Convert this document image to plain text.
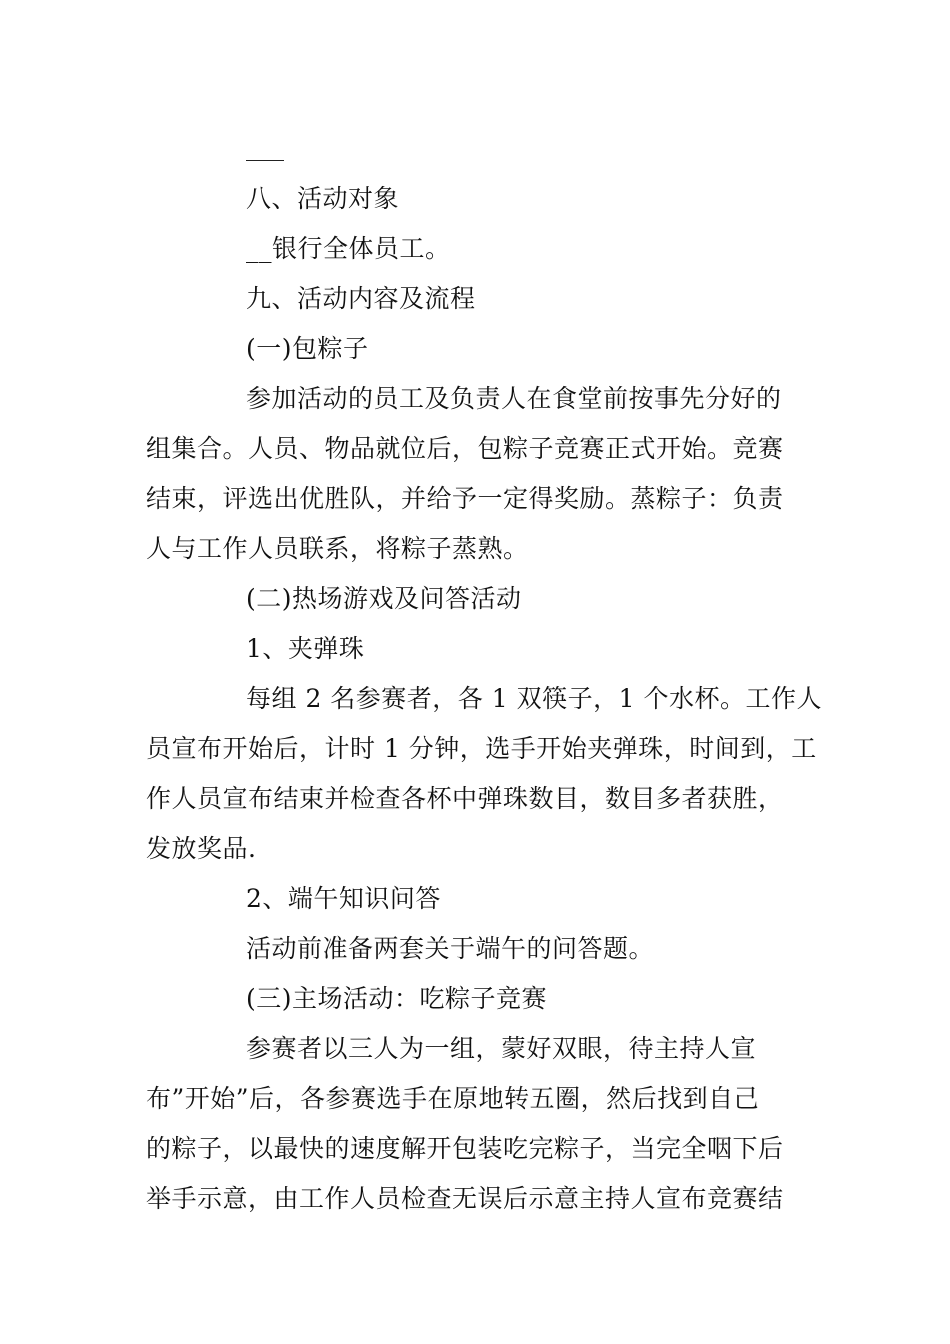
八、活动对象
__银行全体员工。
九、活动内容及流程
(一)包粽子
参加活动的员工及负责人在食堂前按事先分好的
组集合。人员、物品就位后，包粽子竞赛正式开始。竞赛
结束，评选出优胜队，并给予一定得奖励。蒸粽子：负责
人与工作人员联系，将粽子蒸熟。
(二)热场游戏及问答活动
1、夹弹珠
每组 2 名参赛者，各 1 双筷子，1 个水杯。工作人
员宣布开始后，计时 1 分钟，选手开始夹弹珠，时间到，工
作人员宣布结束并检查各杯中弹珠数目，数目多者获胜，
发放奖品.
2、端午知识问答
活动前准备两套关于端午的问答题。
(三)主场活动：吃粽子竞赛
参赛者以三人为一组，蒙好双眼，待主持人宣
布”开始”后，各参赛选手在原地转五圈，然后找到自己
的粽子，以最快的速度解开包装吃完粽子，当完全咽下后
举手示意，由工作人员检查无误后示意主持人宣布竞赛结
